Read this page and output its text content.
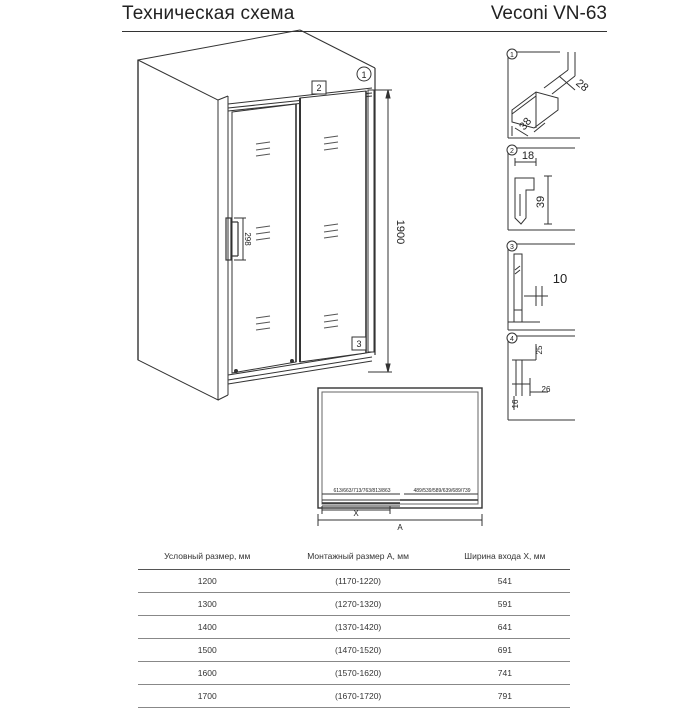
Техническая схема	Veconi VN-63
1900
298
1
2
3
1
28
38
2 18
39
3
10
4
25
26
16
613/663/713/763/813/863	489/539/589/639/689/739
X
A
Условный размер, мм	Монтажный размер А, мм	Ширина входа Х, мм
1200	(1170-1220)	541
1300	(1270-1320)	591
1400	(1370-1420)	641
1500	(1470-1520)	691
1600	(1570-1620)	741
1700	(1670-1720)	791
